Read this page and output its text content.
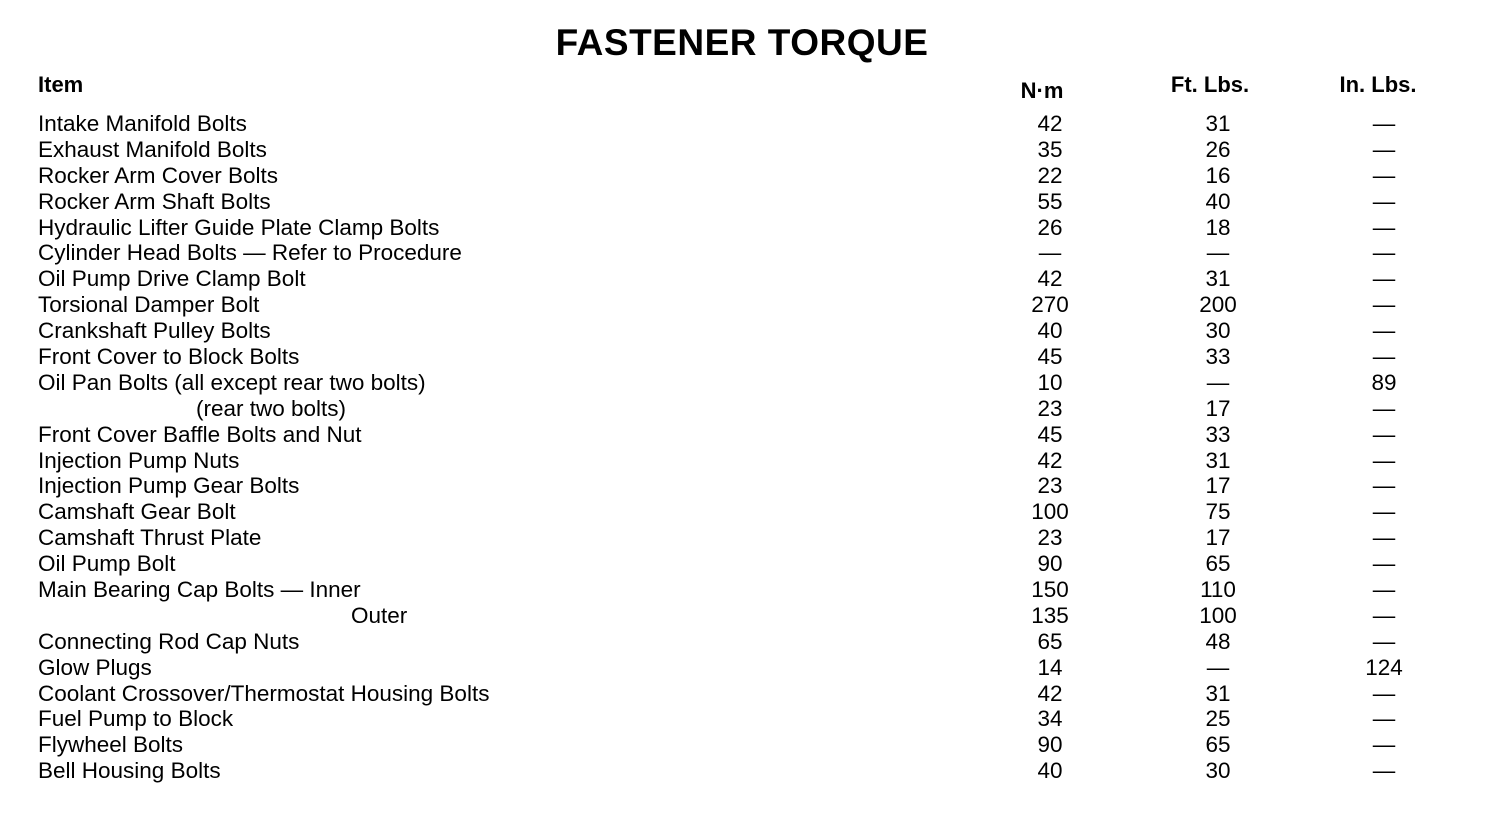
FASTENER TORQUE
Item	N·m	Ft. Lbs.	In. Lbs.
Intake Manifold Bolts	42	31	—
Exhaust Manifold Bolts	35	26	—
Rocker Arm Cover Bolts	22	16	—
Rocker Arm Shaft Bolts	55	40	—
Hydraulic Lifter Guide Plate Clamp Bolts	26	18	—
Cylinder Head Bolts — Refer to Procedure	—	—	—
Oil Pump Drive Clamp Bolt	42	31	—
Torsional Damper Bolt	270	200	—
Crankshaft Pulley Bolts	40	30	—
Front Cover to Block Bolts	45	33	—
Oil Pan Bolts (all except rear two bolts)	10	—	89
(rear two bolts)	23	17	—
Front Cover Baffle Bolts and Nut	45	33	—
Injection Pump Nuts	42	31	—
Injection Pump Gear Bolts	23	17	—
Camshaft Gear Bolt	100	75	—
Camshaft Thrust Plate	23	17	—
Oil Pump Bolt	90	65	—
Main Bearing Cap Bolts — Inner	150	110	—
Outer	135	100	—
Connecting Rod Cap Nuts	65	48	—
Glow Plugs	14	—	124
Coolant Crossover/Thermostat Housing Bolts	42	31	—
Fuel Pump to Block	34	25	—
Flywheel Bolts	90	65	—
Bell Housing Bolts	40	30	—
